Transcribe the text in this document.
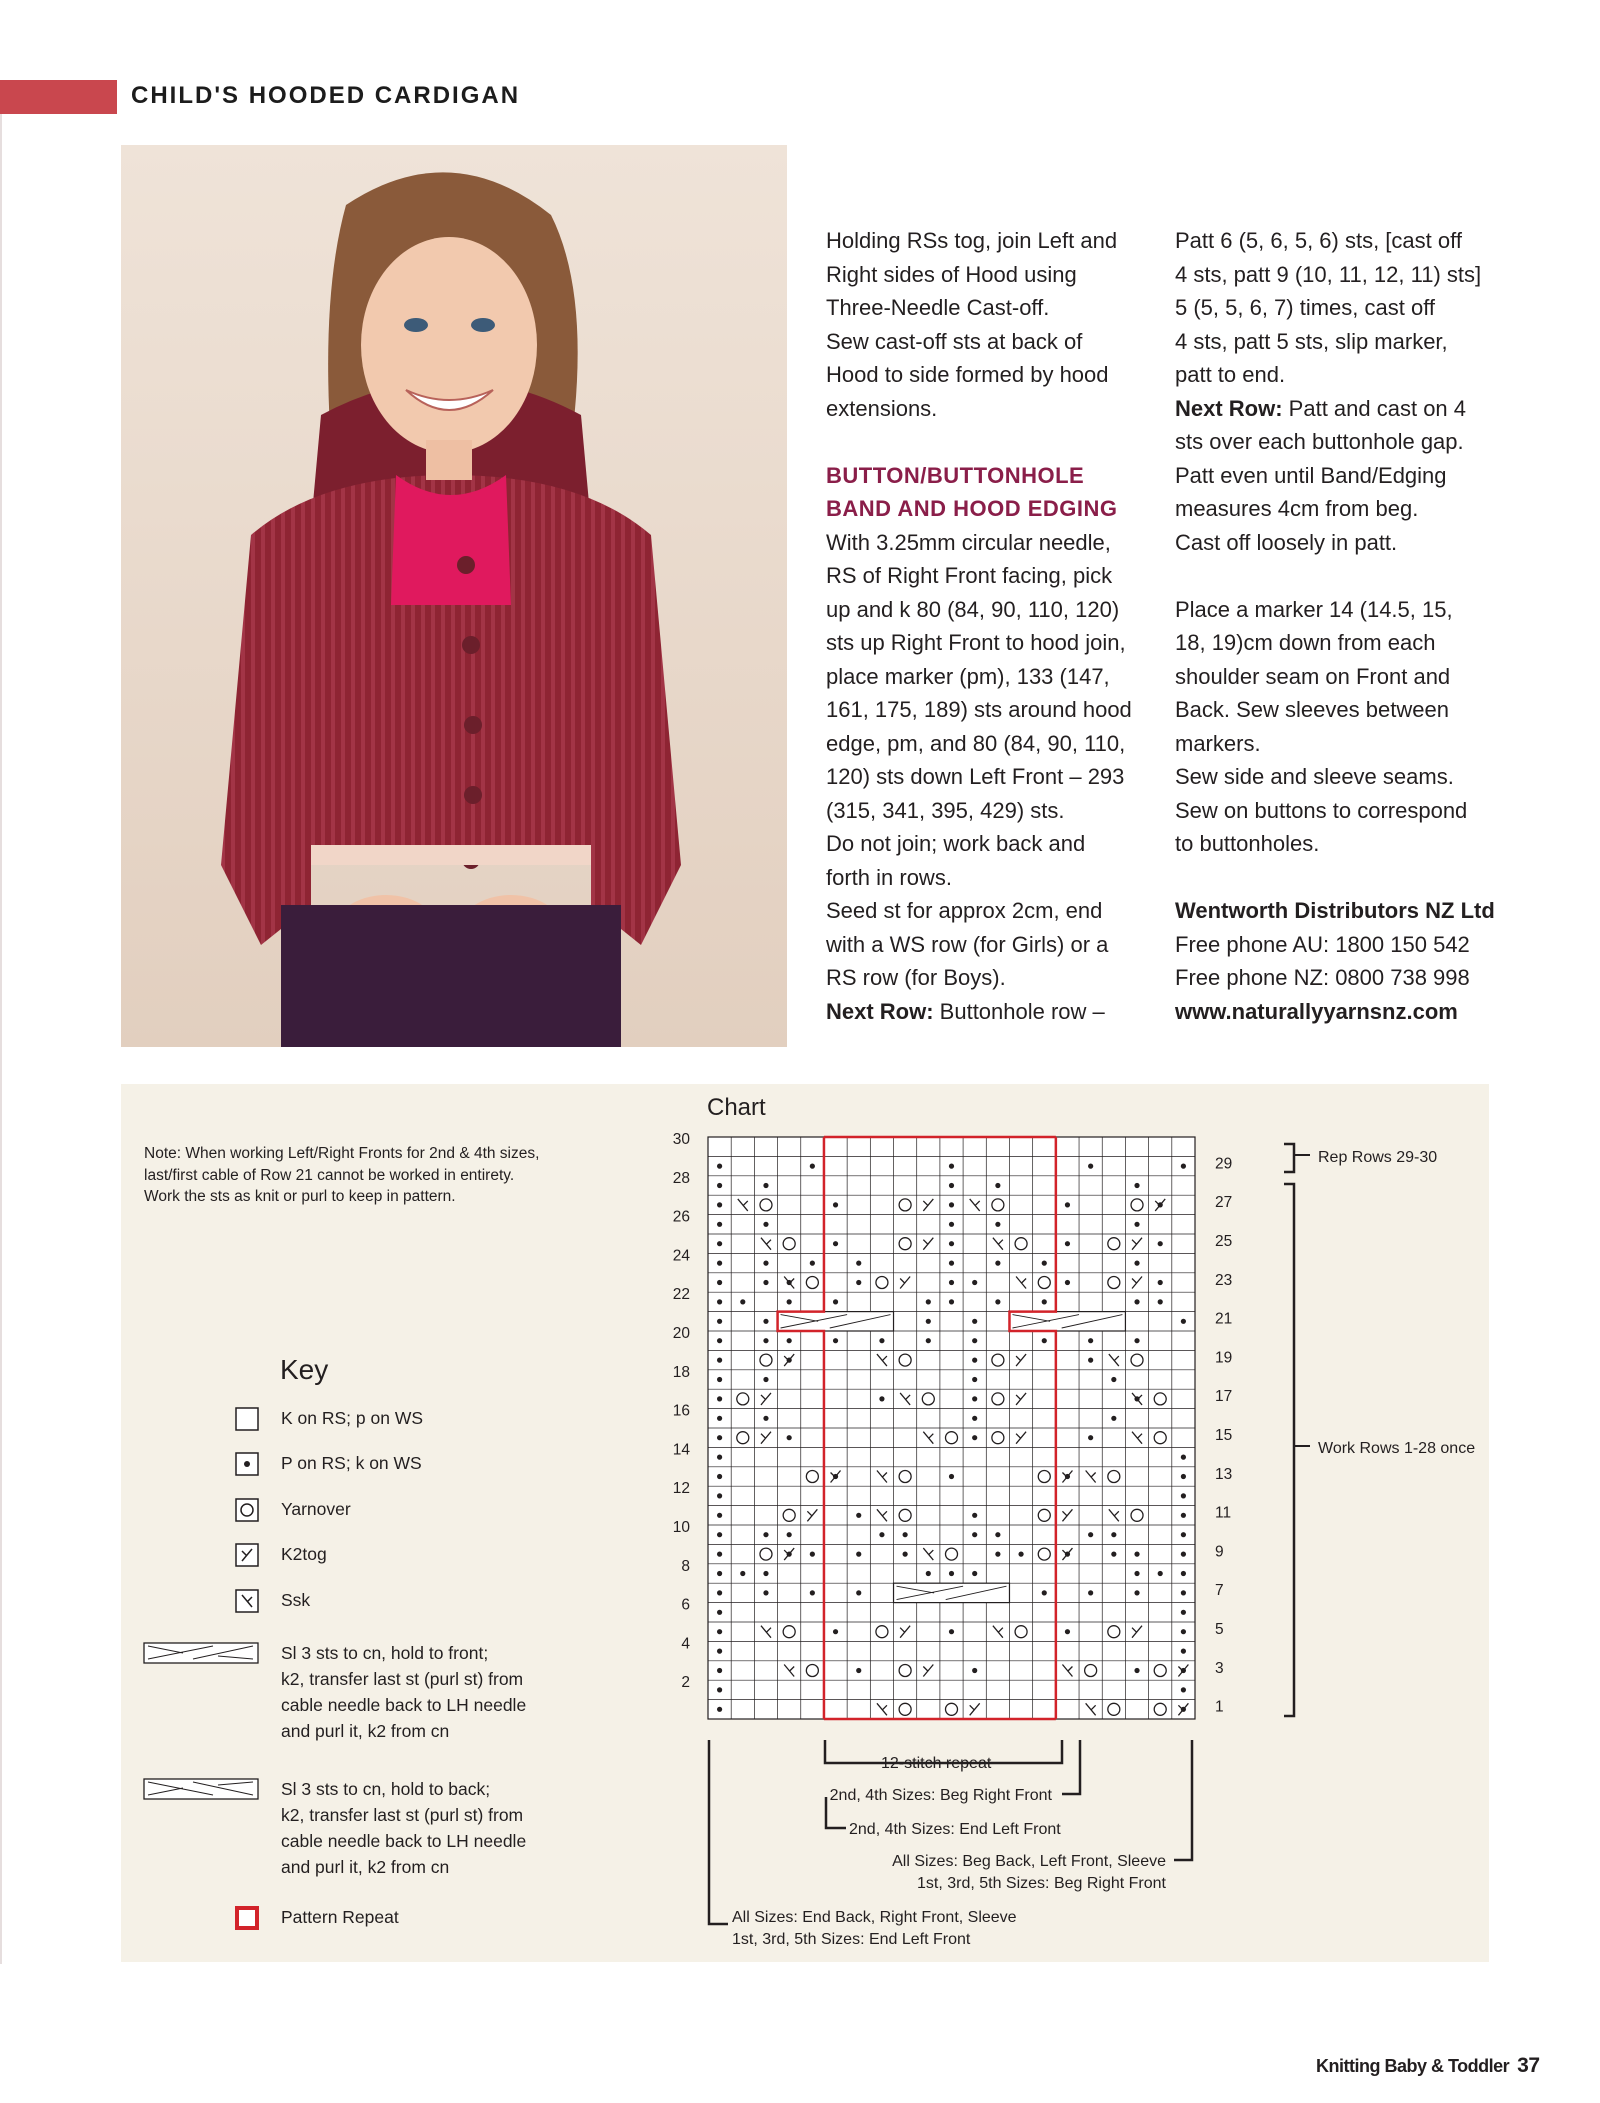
CHILD'S HOODED CARDIGAN

Holding RSs tog, join Left and

Right sides of Hood using

Three-Needle Cast-off.

Sew cast-off sts at back of

Hood to side formed by hood

extensions.

BUTTON/BUTTONHOLE

BAND AND HOOD EDGING

With 3.25mm circular needle,

RS of Right Front facing, pick

up and k 80 (84, 90, 110, 120)

sts up Right Front to hood join,

place marker (pm), 133 (147,

161, 175, 189) sts around hood

edge, pm, and 80 (84, 90, 110,

120) sts down Left Front – 293

(315, 341, 395, 429) sts.

Do not join; work back and

forth in rows.

Seed st for approx 2cm, end

with a WS row (for Girls) or a

RS row (for Boys).

Next Row: Buttonhole row –

Patt 6 (5, 6, 5, 6) sts, [cast off

4 sts, patt 9 (10, 11, 12, 11) sts]

5 (5, 5, 6, 7) times, cast off

4 sts, patt 5 sts, slip marker,

patt to end.

Next Row: Patt and cast on 4

sts over each buttonhole gap.

Patt even until Band/Edging

measures 4cm from beg.

Cast off loosely in patt.

Place a marker 14 (14.5, 15,

18, 19)cm down from each

shoulder seam on Front and

Back. Sew sleeves between

markers.

Sew side and sleeve seams.

Sew on buttons to correspond

to buttonholes.

Wentworth Distributors NZ Ltd

Free phone AU: 1800 150 542

Free phone NZ: 0800 738 998

www.naturallyyarnsnz.com

Note: When working Left/Right Fronts for 2nd & 4th sizes,
last/first cable of Row 21 cannot be worked in entirety.
Work the sts as knit or purl to keep in pattern.
Key
K on RS; p on WS
P on RS; k on WS
Yarnover
K2tog
Ssk
Sl 3 sts to cn, hold to front;
k2, transfer last st (purl st) from
cable needle back to LH needle
and purl it, k2 from cn
Sl 3 sts to cn, hold to back;
k2, transfer last st (purl st) from
cable needle back to LH needle
and purl it, k2 from cn
Pattern Repeat
Chart
30
28
26
24
22
20
18
16
14
12
10
8
6
4
2
29
27
25
23
21
19
17
15
13
11
9
7
5
3
1
Rep Rows 29-30
Work Rows 1-28 once
12-stitch repeat
2nd, 4th Sizes: Beg Right Front
2nd, 4th Sizes: End Left Front
All Sizes: Beg Back, Left Front, Sleeve
1st, 3rd, 5th Sizes: Beg Right Front
All Sizes: End Back, Right Front, Sleeve
1st, 3rd, 5th Sizes: End Left Front
Knitting Baby & Toddler 37
